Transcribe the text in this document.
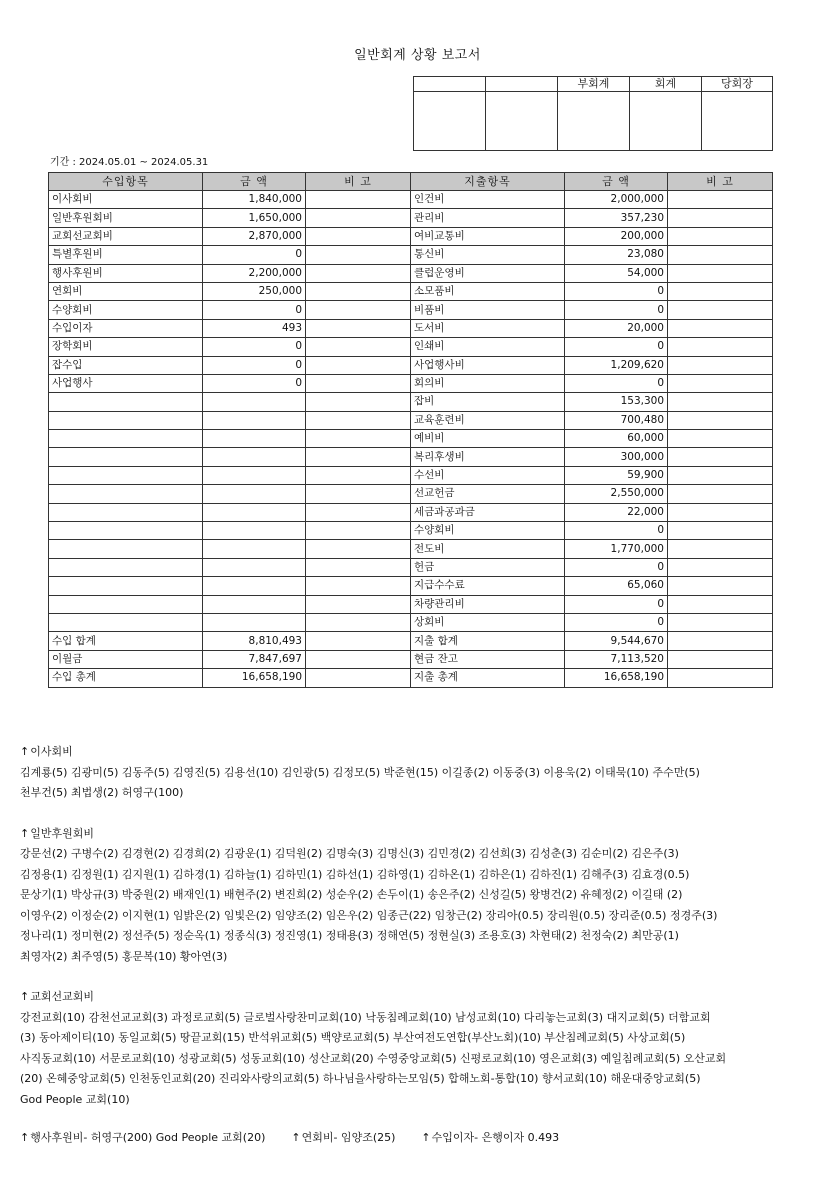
일반회계 상황 보고서
		부회계	회계	당회장

기간 : 2024.05.01 ~ 2024.05.31
수입항목	금 액	비 고	지출항목	금 액	비 고
이사회비	1,840,000		인건비	2,000,000	
일반후원회비	1,650,000		관리비	357,230	
교회선교회비	2,870,000		여비교통비	200,000	
특별후원비	0		통신비	23,080	
행사후원비	2,200,000		클럽운영비	54,000	
연회비	250,000		소모품비	0	
수양회비	0		비품비	0	
수입이자	493		도서비	20,000	
장학회비	0		인쇄비	0	
잡수입	0		사업행사비	1,209,620	
사업행사	0		회의비	0	
			잡비	153,300	
			교육훈련비	700,480	
			예비비	60,000	
			복리후생비	300,000	
			수선비	59,900	
			선교헌금	2,550,000	
			세금과공과금	22,000	
			수양회비	0	
			전도비	1,770,000	
			헌금	0	
			지급수수료	65,060	
			차량관리비	0	
			상회비	0	
수입 합계	8,810,493		지출 합계	9,544,670	
이월금	7,847,697		현금 잔고	7,113,520	
수입 총계	16,658,190		지출 총계	16,658,190	
↑이사회비
김계룡(5) 김광미(5) 김동주(5) 김영진(5) 김용선(10) 김인광(5) 김정모(5) 박준현(15) 이길종(2) 이동중(3) 이용욱(2) 이태묵(10) 주수만(5)
천부건(5) 최법생(2) 허영구(100)
↑일반후원회비
강문선(2) 구병수(2) 김경현(2) 김경희(2) 김광운(1) 김덕원(2) 김명숙(3) 김명신(3) 김민경(2) 김선희(3) 김성춘(3) 김순미(2) 김은주(3)
김정용(1) 김정원(1) 김지원(1) 김하경(1) 김하늘(1) 김하민(1) 김하선(1) 김하영(1) 김하온(1) 김하은(1) 김하진(1) 김해주(3) 김효경(0.5)
문상기(1) 박상규(3) 박중원(2) 배재인(1) 배현주(2) 변진희(2) 성순우(2) 손두이(1) 송은주(2) 신성길(5) 왕병건(2) 유혜정(2) 이길태 (2)
이영우(2) 이정순(2) 이지현(1) 임밝은(2) 임빛은(2) 임양조(2) 임은우(2) 임종근(22) 임창근(2) 장리아(0.5) 장리원(0.5) 장리준(0.5) 정경주(3)
정나리(1) 정미현(2) 정선주(5) 정순옥(1) 정종식(3) 정진영(1) 정태용(3) 정해연(5) 정현실(3) 조용호(3) 차현태(2) 천정숙(2) 최만공(1)
최영자(2) 최주영(5) 홍문복(10) 황아연(3)
↑교회선교회비
강전교회(10) 감천선교교회(3) 과정로교회(5) 글로벌사랑찬미교회(10) 낙동침례교회(10) 남성교회(10) 다리놓는교회(3) 대지교회(5) 더함교회
(3) 동아제이티(10) 동일교회(5) 땅끝교회(15) 반석위교회(5) 백양로교회(5) 부산여전도연합(부산노회)(10) 부산침례교회(5) 사상교회(5)
사직동교회(10) 서문로교회(10) 성광교회(5) 성동교회(10) 성산교회(20) 수영중앙교회(5) 신평로교회(10) 영은교회(3) 예일침례교회(5) 오산교회
(20) 온혜중앙교회(5) 인천동인교회(20) 진리와사랑의교회(5) 하나님을사랑하는모임(5) 합해노회-통합(10) 향서교회(10) 해운대중앙교회(5)
God People 교회(10)
↑행사후원비- 허영구(200) God People 교회(20) ↑연회비- 임양조(25) ↑수입이자- 은행이자 0.493
